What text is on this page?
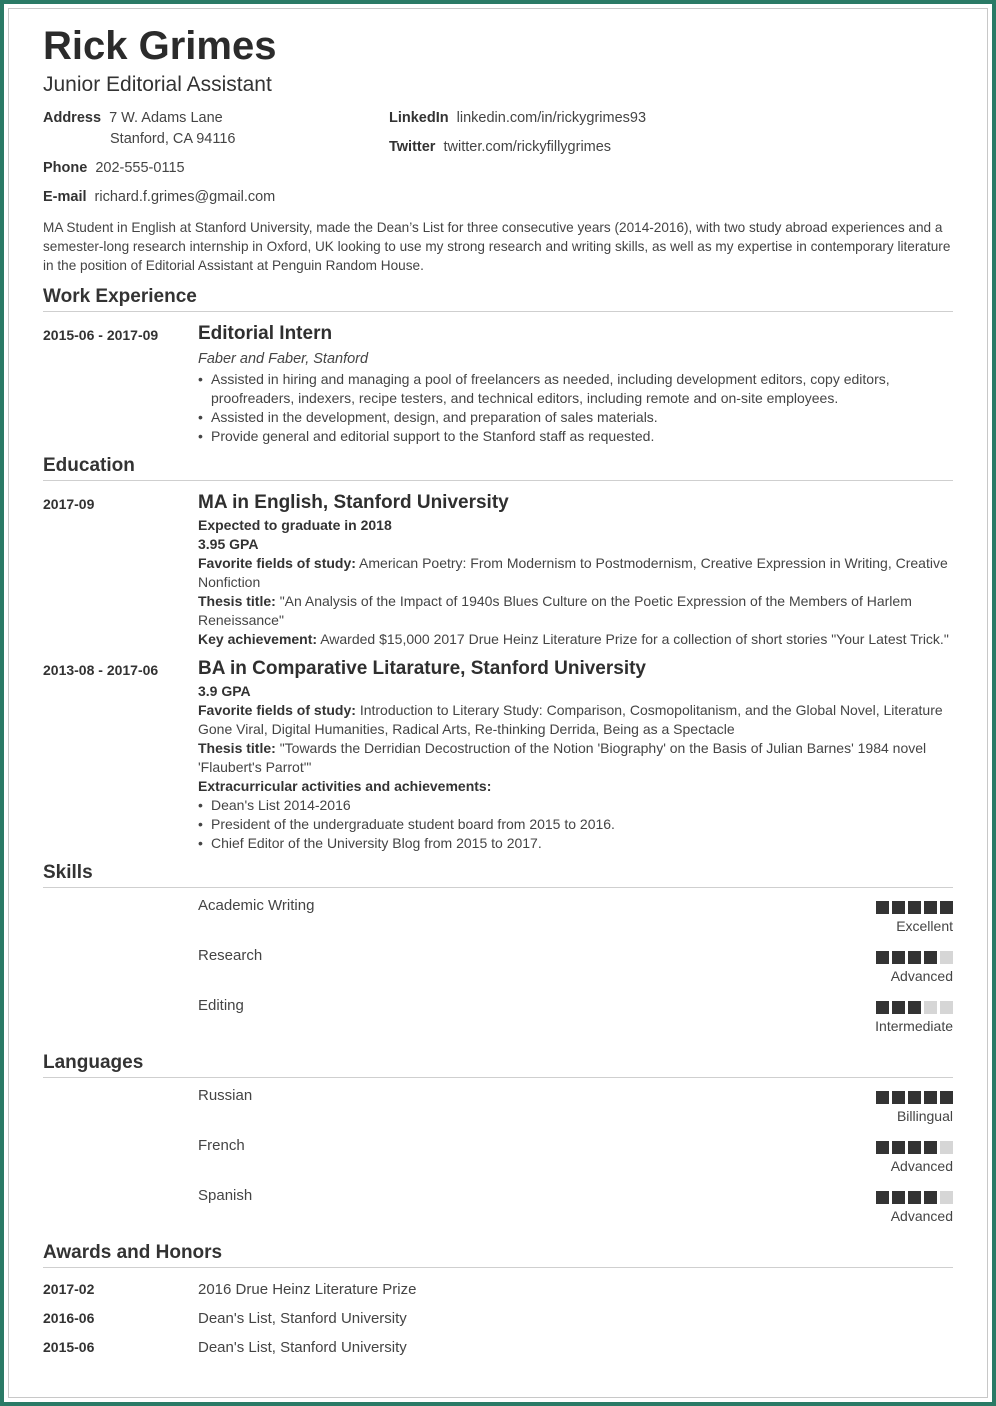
Rick Grimes
Junior Editorial Assistant
Address 7 W. Adams Lane
Stanford, CA 94116
Phone 202-555-0115
E-mail richard.f.grimes@gmail.com
LinkedIn linkedin.com/in/rickygrimes93
Twitter twitter.com/rickyfillygrimes
MA Student in English at Stanford University, made the Dean’s List for three consecutive years (2014-2016), with two study abroad experiences and a semester-long research internship in Oxford, UK looking to use my strong research and writing skills, as well as my expertise in contemporary literature in the position of Editorial Assistant at Penguin Random House.
Work Experience
2015-06 - 2017-09 Editorial Intern
Faber and Faber, Stanford
• Assisted in hiring and managing a pool of freelancers as needed, including development editors, copy editors, proofreaders, indexers, recipe testers, and technical editors, including remote and on-site employees.
• Assisted in the development, design, and preparation of sales materials.
• Provide general and editorial support to the Stanford staff as requested.
Education
2017-09	MA in English, Stanford University
Expected to graduate in 2018
3.95 GPA
Favorite fields of study: American Poetry: From Modernism to Postmodernism, Creative Expression in Writing, Creative Nonfiction
Thesis title: "An Analysis of the Impact of 1940s Blues Culture on the Poetic Expression of the Members of Harlem Reneissance"
Key achievement: Awarded $15,000 2017 Drue Heinz Literature Prize for a collection of short stories "Your Latest Trick."
2013-08 - 2017-06 BA in Comparative Litarature, Stanford University
3.9 GPA
Favorite fields of study: Introduction to Literary Study: Comparison, Cosmopolitanism, and the Global Novel, Literature Gone Viral, Digital Humanities, Radical Arts, Re-thinking Derrida, Being as a Spectacle
Thesis title: "Towards the Derridian Decostruction of the Notion 'Biography' on the Basis of Julian Barnes' 1984 novel 'Flaubert's Parrot'"
Extracurricular activities and achievements:
• Dean's List 2014-2016
• President of the undergraduate student board from 2015 to 2016.
• Chief Editor of the University Blog from 2015 to 2017.
Skills
Academic Writing
Excellent
Research
Advanced
Editing
Intermediate
Languages
Russian
Billingual
French
Advanced
Spanish
Advanced
Awards and Honors
2017-02	2016 Drue Heinz Literature Prize
2016-06	Dean's List, Stanford University
2015-06	Dean's List, Stanford University
